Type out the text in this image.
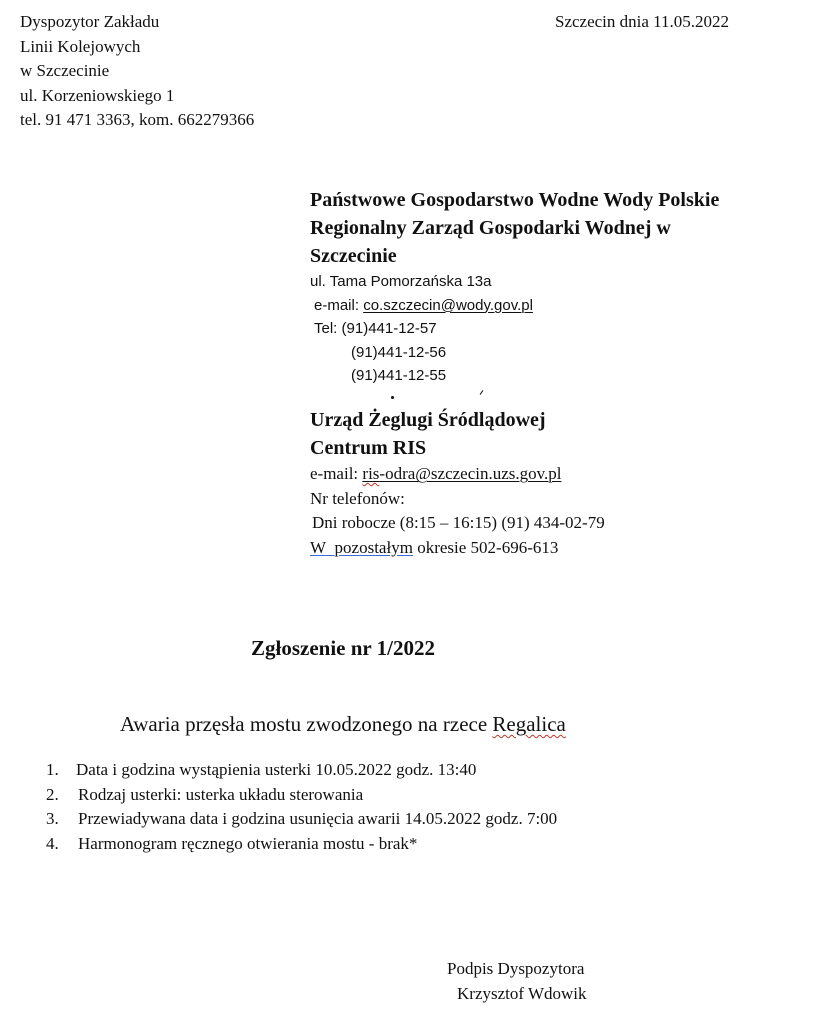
Dyspozytor Zakładu
Linii Kolejowych
w Szczecinie
ul. Korzeniowskiego 1
tel. 91 471 3363, kom. 662279366
Szczecin dnia 11.05.2022
Państwowe Gospodarstwo Wodne Wody Polskie
Regionalny Zarząd Gospodarki Wodnej w
Szczecinie
ul. Tama Pomorzańska 13a
e-mail: co.szczecin@wody.gov.pl
Tel: (91)441-12-57
(91)441-12-56
(91)441-12-55
Urząd Żeglugi Śródlądowej
Centrum RIS
e-mail: ris-odra@szczecin.uzs.gov.pl
Nr telefonów:
Dni robocze (8:15 – 16:15) (91) 434-02-79
W pozostałym okresie 502-696-613
Zgłoszenie nr 1/2022
Awaria przęsła mostu zwodzonego na rzece Regalica
1. Data i godzina wystąpienia usterki 10.05.2022 godz. 13:40
2. Rodzaj usterki: usterka układu sterowania
3. Przewiadywana data i godzina usunięcia awarii 14.05.2022 godz. 7:00
4. Harmonogram ręcznego otwierania mostu - brak*
Podpis Dyspozytora
Krzysztof Wdowik
